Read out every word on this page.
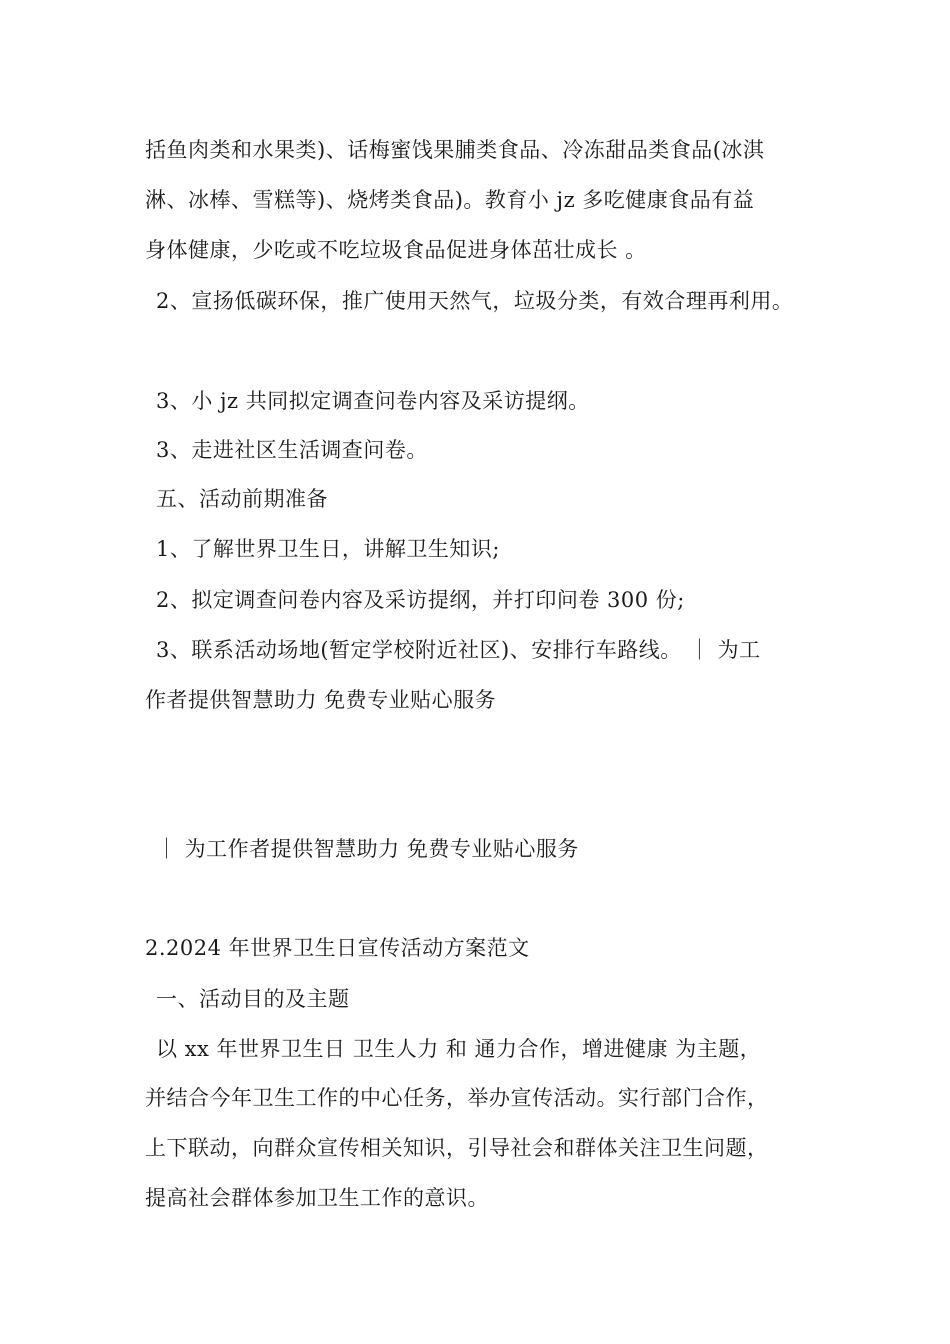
括鱼肉类和水果类)、话梅蜜饯果脯类食品、冷冻甜品类食品(冰淇
淋、冰棒、雪糕等)、烧烤类食品)。教育小 jz 多吃健康食品有益
身体健康，少吃或不吃垃圾食品促进身体茁壮成长 。
2、宣扬低碳环保，推广使用天然气，垃圾分类，有效合理再利用。
3、小 jz 共同拟定调查问卷内容及采访提纲。
3、走进社区生活调查问卷。
五、活动前期准备
1、了解世界卫生日，讲解卫生知识;
2、拟定调查问卷内容及采访提纲，并打印问卷 300 份;
3、联系活动场地(暂定学校附近社区)、安排行车路线。 ｜ 为工
作者提供智慧助力 免费专业贴心服务
｜ 为工作者提供智慧助力 免费专业贴心服务
2.2024 年世界卫生日宣传活动方案范文
一、活动目的及主题
以 xx 年世界卫生日 卫生人力 和 通力合作，增进健康 为主题，
并结合今年卫生工作的中心任务，举办宣传活动。实行部门合作，
上下联动，向群众宣传相关知识，引导社会和群体关注卫生问题，
提高社会群体参加卫生工作的意识。
